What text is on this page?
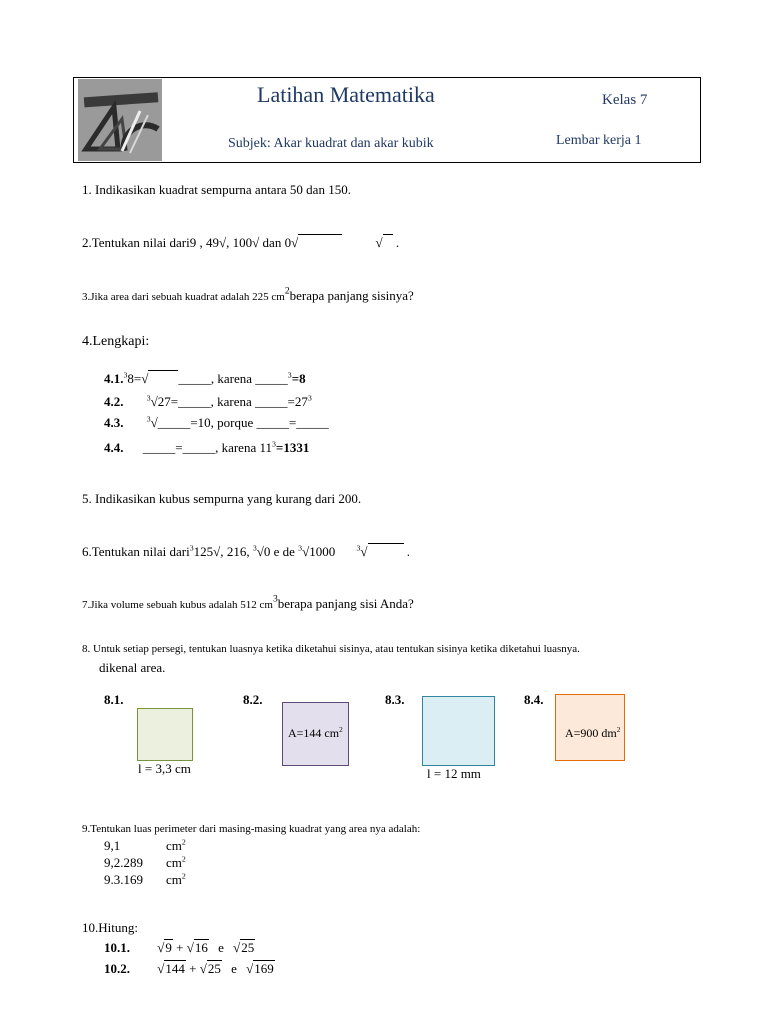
Latihan Matematika	Kelas 7
Subjek: Akar kuadrat dan akar kubik	Lembar kerja 1
1. Indikasikan kuadrat sempurna antara 50 dan 150.
2.Tentukan nilai dari9 , 49√, 100√ dan 0√	√ .
3.Jika area dari sebuah kuadrat adalah 225 $cm^2berapa$ panjang sisinya?
4.Lengkapi:
4.1.$^3$8=√ _____, karena _____$^3$=8
4.2.	$^3$√27=_____, karena $\_\_\_\_\_=27^3$
4.3.	$^3$√_____=10, porque _____=_____
4.4. _____=_____, karena $11^3=1331$
5. Indikasikan kubus sempurna yang kurang dari 200.
6.Tentukan nilai dari$^3$125√, 216, $^3$√0 e de $^3$√1000	$^3$√	.
7.Jika volume sebuah kubus adalah 512 $cm^3berapa$ panjang sisi Anda?
8. Untuk setiap persegi, tentukan luasnya ketika diketahui sisinya, atau tentukan sisinya ketika diketahui luasnya.
dikenal area.
8.1.
l = 3,3 cm
8.2.
A=144 $cm^2$
8.3.
l = 12 mm
8.4.
A=900 $dm^2$
9.Tentukan luas perimeter dari masing-masing kuadrat yang area nya adalah:
9,1	$cm^2$
9,2.289 $cm^2$
9.3.169 $cm^2$
10.Hitung:
10.1. √9 + √16 e √25
10.2. √144 + √25 e √169
